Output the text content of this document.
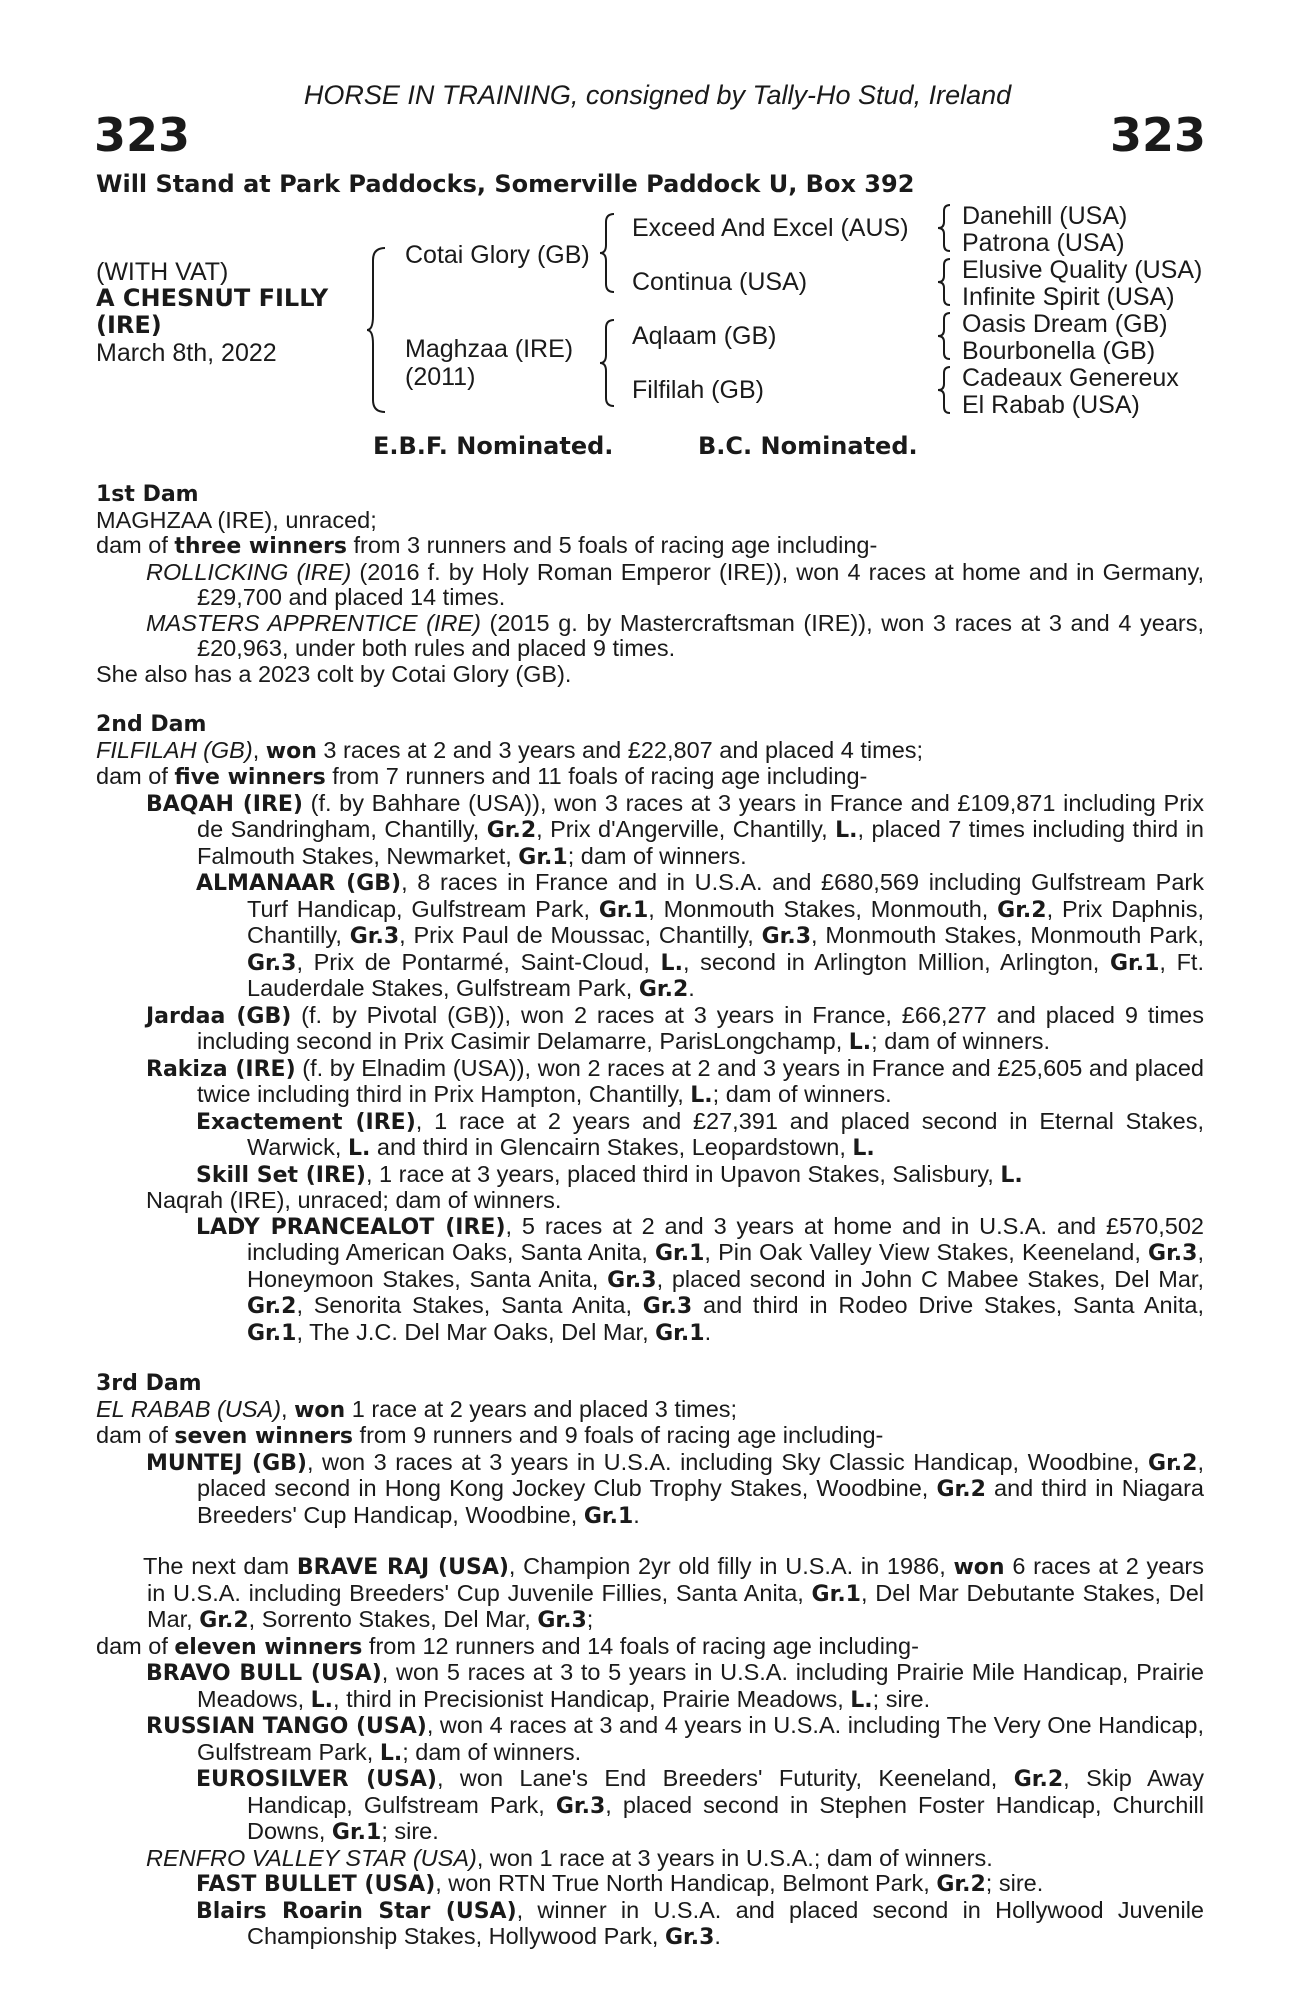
323	323
HORSE IN TRAINING, consigned by Tally-Ho Stud, Ireland
Will Stand at Park Paddocks, Somerville Paddock U, Box 392
(WITH VAT)
A CHESNUT FILLY
(IRE)
March 8th, 2022
Cotai Glory (GB)
Maghzaa (IRE)
(2011)
Exceed And Excel (AUS)
Continua (USA)
Aqlaam (GB)
Filfilah (GB)
Danehill (USA)
Patrona (USA)
Elusive Quality (USA)
Infinite Spirit (USA)
Oasis Dream (GB)
Bourbonella (GB)
Cadeaux Genereux
El Rabab (USA)
E.B.F. Nominated.	B.C. Nominated.

1st Dam

MAGHZAA (IRE), unraced;

dam of three winners from 3 runners and 5 foals of racing age including-

ROLLICKING (IRE) (2016 f. by Holy Roman Emperor (IRE)), won 4 races at home and in Germany, £29,700 and placed 14 times.

MASTERS APPRENTICE (IRE) (2015 g. by Mastercraftsman (IRE)), won 3 races at 3 and 4 years, £20,963, under both rules and placed 9 times.

She also has a 2023 colt by Cotai Glory (GB).

2nd Dam

FILFILAH (GB), won 3 races at 2 and 3 years and £22,807 and placed 4 times;

dam of five winners from 7 runners and 11 foals of racing age including-

BAQAH (IRE) (f. by Bahhare (USA)), won 3 races at 3 years in France and £109,871 including Prix de Sandringham, Chantilly, Gr.2, Prix d'Angerville, Chantilly, L., placed 7 times including third in Falmouth Stakes, Newmarket, Gr.1; dam of winners.

ALMANAAR (GB), 8 races in France and in U.S.A. and £680,569 including Gulfstream Park Turf Handicap, Gulfstream Park, Gr.1, Monmouth Stakes, Monmouth, Gr.2, Prix Daphnis, Chantilly, Gr.3, Prix Paul de Moussac, Chantilly, Gr.3, Monmouth Stakes, Monmouth Park, Gr.3, Prix de Pontarmé, Saint-Cloud, L., second in Arlington Million, Arlington, Gr.1, Ft. Lauderdale Stakes, Gulfstream Park, Gr.2.

Jardaa (GB) (f. by Pivotal (GB)), won 2 races at 3 years in France, £66,277 and placed 9 times including second in Prix Casimir Delamarre, ParisLongchamp, L.; dam of winners.

Rakiza (IRE) (f. by Elnadim (USA)), won 2 races at 2 and 3 years in France and £25,605 and placed twice including third in Prix Hampton, Chantilly, L.; dam of winners.

Exactement (IRE), 1 race at 2 years and £27,391 and placed second in Eternal Stakes, Warwick, L. and third in Glencairn Stakes, Leopardstown, L.

Skill Set (IRE), 1 race at 3 years, placed third in Upavon Stakes, Salisbury, L.

Naqrah (IRE), unraced; dam of winners.

LADY PRANCEALOT (IRE), 5 races at 2 and 3 years at home and in U.S.A. and £570,502 including American Oaks, Santa Anita, Gr.1, Pin Oak Valley View Stakes, Keeneland, Gr.3, Honeymoon Stakes, Santa Anita, Gr.3, placed second in John C Mabee Stakes, Del Mar, Gr.2, Senorita Stakes, Santa Anita, Gr.3 and third in Rodeo Drive Stakes, Santa Anita, Gr.1, The J.C. Del Mar Oaks, Del Mar, Gr.1.

3rd Dam

EL RABAB (USA), won 1 race at 2 years and placed 3 times;

dam of seven winners from 9 runners and 9 foals of racing age including-

MUNTEJ (GB), won 3 races at 3 years in U.S.A. including Sky Classic Handicap, Woodbine, Gr.2, placed second in Hong Kong Jockey Club Trophy Stakes, Woodbine, Gr.2 and third in Niagara Breeders' Cup Handicap, Woodbine, Gr.1.

The next dam BRAVE RAJ (USA), Champion 2yr old filly in U.S.A. in 1986, won 6 races at 2 years in U.S.A. including Breeders' Cup Juvenile Fillies, Santa Anita, Gr.1, Del Mar Debutante Stakes, Del Mar, Gr.2, Sorrento Stakes, Del Mar, Gr.3;

dam of eleven winners from 12 runners and 14 foals of racing age including-

BRAVO BULL (USA), won 5 races at 3 to 5 years in U.S.A. including Prairie Mile Handicap, Prairie Meadows, L., third in Precisionist Handicap, Prairie Meadows, L.; sire.

RUSSIAN TANGO (USA), won 4 races at 3 and 4 years in U.S.A. including The Very One Handicap, Gulfstream Park, L.; dam of winners.

EUROSILVER (USA), won Lane's End Breeders' Futurity, Keeneland, Gr.2, Skip Away Handicap, Gulfstream Park, Gr.3, placed second in Stephen Foster Handicap, Churchill Downs, Gr.1; sire.

RENFRO VALLEY STAR (USA), won 1 race at 3 years in U.S.A.; dam of winners.

FAST BULLET (USA), won RTN True North Handicap, Belmont Park, Gr.2; sire.

Blairs Roarin Star (USA), winner in U.S.A. and placed second in Hollywood Juvenile Championship Stakes, Hollywood Park, Gr.3.
